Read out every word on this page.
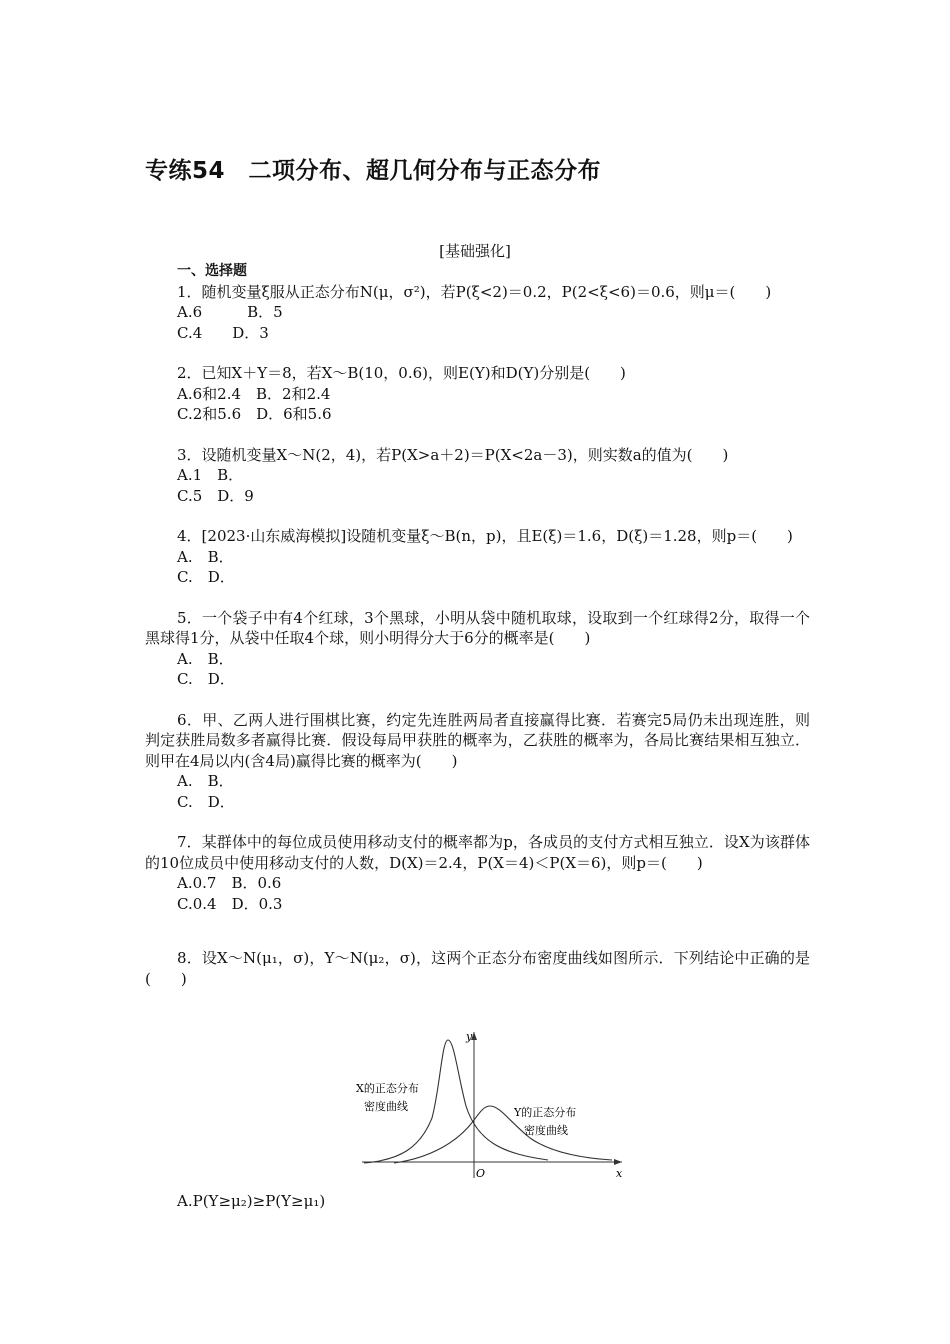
专练54　二项分布、超几何分布与正态分布
[基础强化]
一、选择题
1．随机变量ξ服从正态分布N(μ，σ²)，若P(ξ<2)＝0.2，P(2<ξ<6)＝0.6，则μ＝(　　)
A.6　　　B．5
C.4　　D．3
2．已知X＋Y＝8，若X～B(10，0.6)，则E(Y)和D(Y)分别是(　　)
A.6和2.4　B．2和2.4
C.2和5.6　D．6和5.6
3．设随机变量X～N(2，4)，若P(X>a＋2)＝P(X<2a－3)，则实数a的值为(　　)
A.1　B．
C.5　D．9
4．[2023·山东威海模拟]设随机变量ξ～B(n，p)，且E(ξ)＝1.6，D(ξ)＝1.28，则p＝(　　)
A.　B．
C.　D．
5．一个袋子中有4个红球，3个黑球，小明从袋中随机取球，设取到一个红球得2分，取得一个黑球得1分，从袋中任取4个球，则小明得分大于6分的概率是(　　)
A.　B．
C.　D．
6．甲、乙两人进行围棋比赛，约定先连胜两局者直接赢得比赛．若赛完5局仍未出现连胜，则判定获胜局数多者赢得比赛．假设每局甲获胜的概率为，乙获胜的概率为，各局比赛结果相互独立．则甲在4局以内(含4局)赢得比赛的概率为(　　)
A.　B．
C.　D．
7．某群体中的每位成员使用移动支付的概率都为p，各成员的支付方式相互独立．设X为该群体的10位成员中使用移动支付的人数，D(X)＝2.4，P(X＝4)＜P(X＝6)，则p＝(　　)
A.0.7　B．0.6
C.0.4　D．0.3
8．设X～N(μ₁，σ)，Y～N(μ₂，σ)，这两个正态分布密度曲线如图所示．下列结论中正确的是(　　)
y
x
O
X的正态分布
密度曲线	Y的正态分布
密度曲线
A.P(Y≥μ₂)≥P(Y≥μ₁)
